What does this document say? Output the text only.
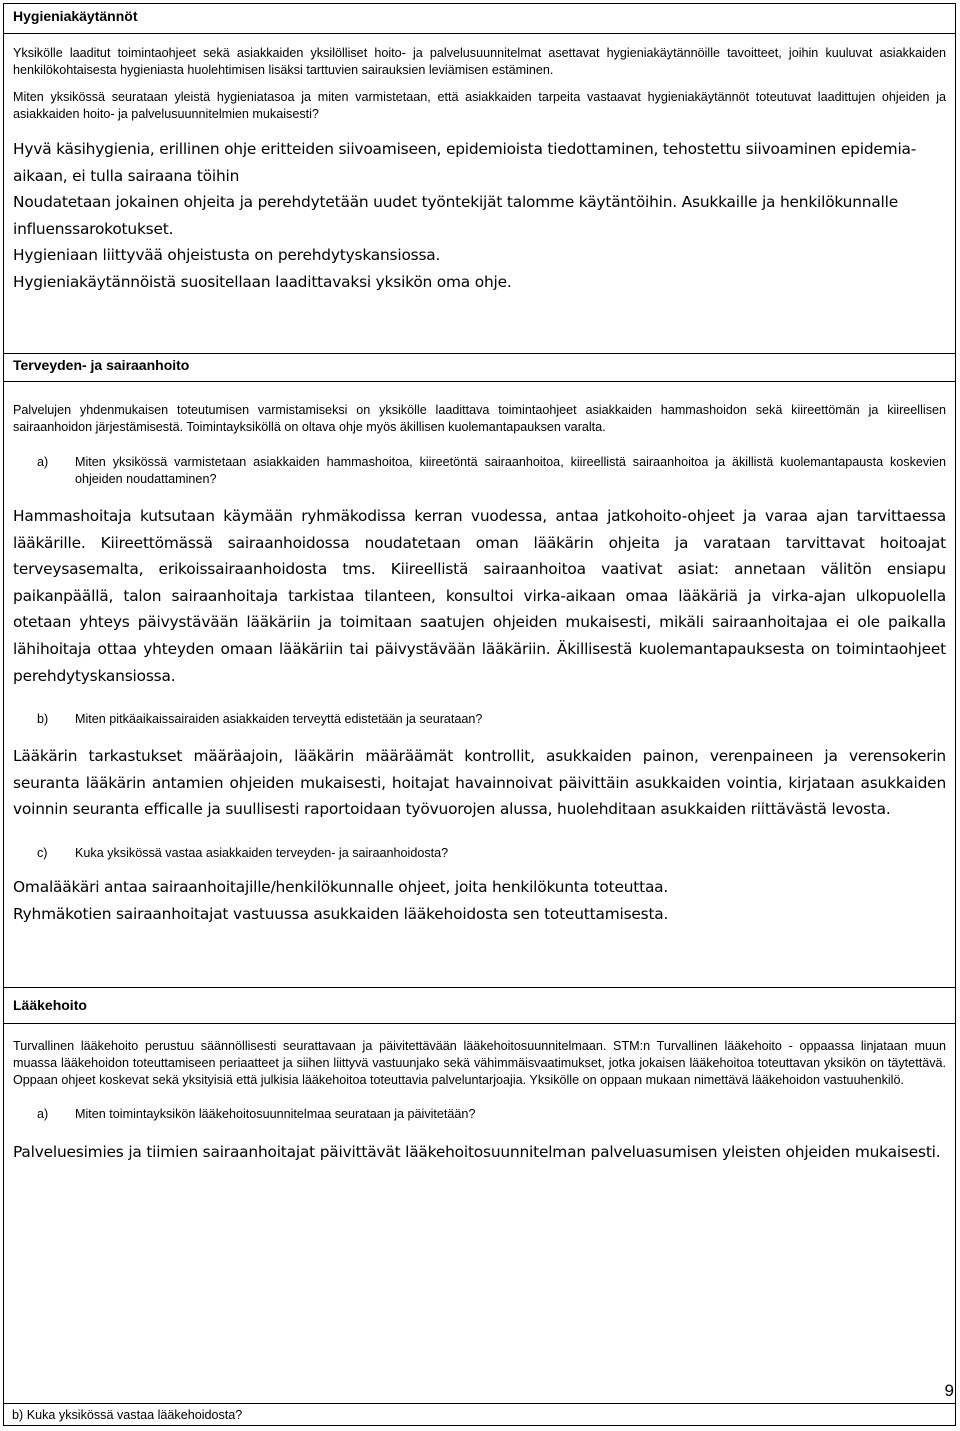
Hygieniakäytännöt

Yksikölle laaditut toimintaohjeet sekä asiakkaiden yksilölliset hoito- ja palvelusuunnitelmat asettavat hygieniakäytännöille tavoitteet, joihin kuuluvat asiakkaiden henkilökohtaisesta hygieniasta huolehtimisen lisäksi tarttuvien sairauksien leviämisen estäminen.

Miten yksikössä seurataan yleistä hygieniatasoa ja miten varmistetaan, että asiakkaiden tarpeita vastaavat hygieniakäytännöt toteutuvat laadittujen ohjeiden ja asiakkaiden hoito- ja palvelusuunnitelmien mukaisesti?

Hyvä käsihygienia, erillinen ohje eritteiden siivoamiseen, epidemioista tiedottaminen, tehostettu siivoaminen epidemia-aikaan, ei tulla sairaana töihin

Noudatetaan jokainen ohjeita ja perehdytetään uudet työntekijät talomme käytäntöihin. Asukkaille ja henkilökunnalle influenssarokotukset.

Hygieniaan liittyvää ohjeistusta on perehdytyskansiossa.

Hygieniakäytännöistä suositellaan laadittavaksi yksikön oma ohje.

Terveyden- ja sairaanhoito

Palvelujen yhdenmukaisen toteutumisen varmistamiseksi on yksikölle laadittava toimintaohjeet asiakkaiden hammashoidon sekä kiireettömän ja kiireellisen sairaanhoidon järjestämisestä. Toimintayksiköllä on oltava ohje myös äkillisen kuolemantapauksen varalta.

a)	Miten yksikössä varmistetaan asiakkaiden hammashoitoa, kiireetöntä sairaanhoitoa, kiireellistä sairaanhoitoa ja äkillistä kuolemantapausta koskevien ohjeiden noudattaminen?

Hammashoitaja kutsutaan käymään ryhmäkodissa kerran vuodessa, antaa jatkohoito-ohjeet ja varaa ajan tarvittaessa lääkärille. Kiireettömässä sairaanhoidossa noudatetaan oman lääkärin ohjeita ja varataan tarvittavat hoitoajat terveysasemalta, erikoissairaanhoidosta tms. Kiireellistä sairaanhoitoa vaativat asiat: annetaan välitön ensiapu paikanpäällä, talon sairaanhoitaja tarkistaa tilanteen, konsultoi virka-aikaan omaa lääkäriä ja virka-ajan ulkopuolella otetaan yhteys päivystävään lääkäriin ja toimitaan saatujen ohjeiden mukaisesti, mikäli sairaanhoitajaa ei ole paikalla lähihoitaja ottaa yhteyden omaan lääkäriin tai päivystävään lääkäriin. Äkillisestä kuolemantapauksesta on toimintaohjeet perehdytyskansiossa.

b)	Miten pitkäaikaissairaiden asiakkaiden terveyttä edistetään ja seurataan?

Lääkärin tarkastukset määräajoin, lääkärin määräämät kontrollit, asukkaiden painon, verenpaineen ja verensokerin seuranta lääkärin antamien ohjeiden mukaisesti, hoitajat havainnoivat päivittäin asukkaiden vointia, kirjataan asukkaiden voinnin seuranta efficalle ja suullisesti raportoidaan työvuorojen alussa, huolehditaan asukkaiden riittävästä levosta.

c)	Kuka yksikössä vastaa asiakkaiden terveyden- ja sairaanhoidosta?

Omalääkäri antaa sairaanhoitajille/henkilökunnalle ohjeet, joita henkilökunta toteuttaa.

Ryhmäkotien sairaanhoitajat vastuussa asukkaiden lääkehoidosta sen toteuttamisesta.

Lääkehoito

Turvallinen lääkehoito perustuu säännöllisesti seurattavaan ja päivitettävään lääkehoitosuunnitelmaan. STM:n Turvallinen lääkehoito - oppaassa linjataan muun muassa lääkehoidon toteuttamiseen periaatteet ja siihen liittyvä vastuunjako sekä vähimmäisvaatimukset, jotka jokaisen lääkehoitoa toteuttavan yksikön on täytettävä. Oppaan ohjeet koskevat sekä yksityisiä että julkisia lääkehoitoa toteuttavia palveluntarjoajia. Yksikölle on oppaan mukaan nimettävä lääkehoidon vastuuhenkilö.

a)	Miten toimintayksikön lääkehoitosuunnitelmaa seurataan ja päivitetään?

Palveluesimies ja tiimien sairaanhoitajat päivittävät lääkehoitosuunnitelman palveluasumisen yleisten ohjeiden mukaisesti.

b) Kuka yksikössä vastaa lääkehoidosta?
9
